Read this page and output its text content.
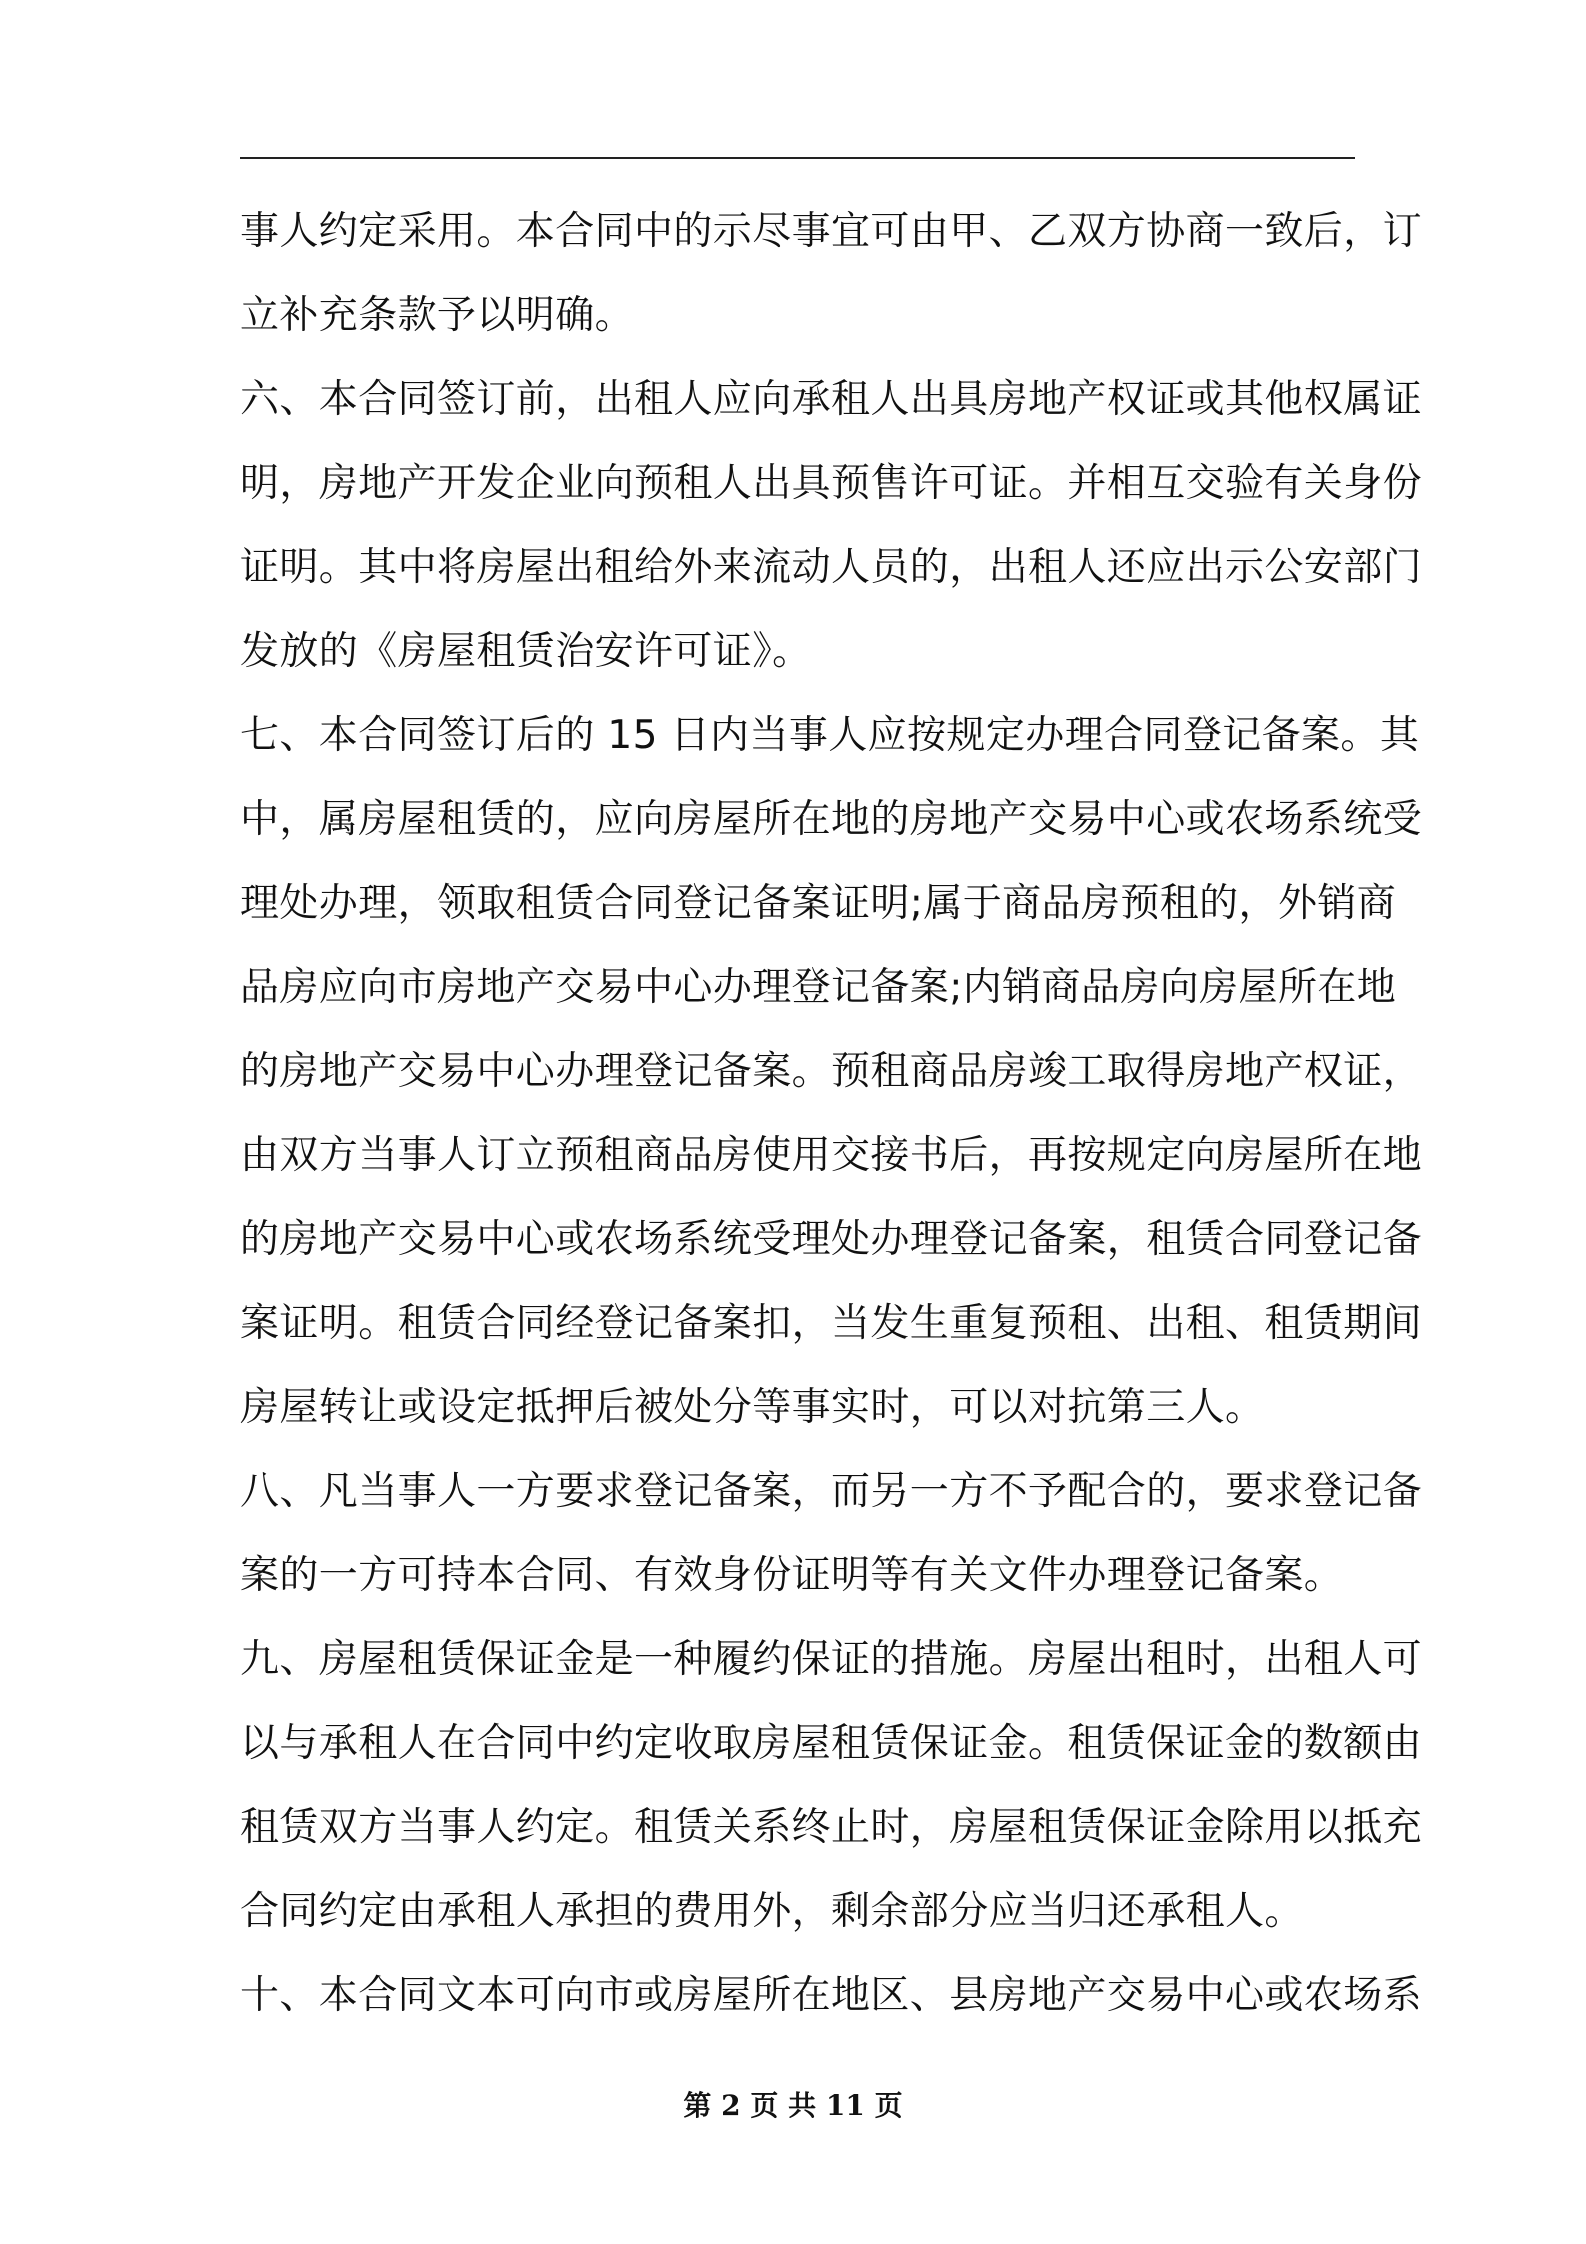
事人约定采用。本合同中的示尽事宜可由甲、乙双方协商一致后，订
立补充条款予以明确。
六、本合同签订前，出租人应向承租人出具房地产权证或其他权属证
明，房地产开发企业向预租人出具预售许可证。并相互交验有关身份
证明。其中将房屋出租给外来流动人员的，出租人还应出示公安部门
发放的《房屋租赁治安许可证》。
七、本合同签订后的 15 日内当事人应按规定办理合同登记备案。其
中，属房屋租赁的，应向房屋所在地的房地产交易中心或农场系统受
理处办理，领取租赁合同登记备案证明;属于商品房预租的，外销商
品房应向市房地产交易中心办理登记备案;内销商品房向房屋所在地
的房地产交易中心办理登记备案。预租商品房竣工取得房地产权证，
由双方当事人订立预租商品房使用交接书后，再按规定向房屋所在地
的房地产交易中心或农场系统受理处办理登记备案，租赁合同登记备
案证明。租赁合同经登记备案扣，当发生重复预租、出租、租赁期间
房屋转让或设定抵押后被处分等事实时，可以对抗第三人。
八、凡当事人一方要求登记备案，而另一方不予配合的，要求登记备
案的一方可持本合同、有效身份证明等有关文件办理登记备案。
九、房屋租赁保证金是一种履约保证的措施。房屋出租时，出租人可
以与承租人在合同中约定收取房屋租赁保证金。租赁保证金的数额由
租赁双方当事人约定。租赁关系终止时，房屋租赁保证金除用以抵充
合同约定由承租人承担的费用外，剩余部分应当归还承租人。
十、本合同文本可向市或房屋所在地区、县房地产交易中心或农场系
第 2 页 共 11 页
